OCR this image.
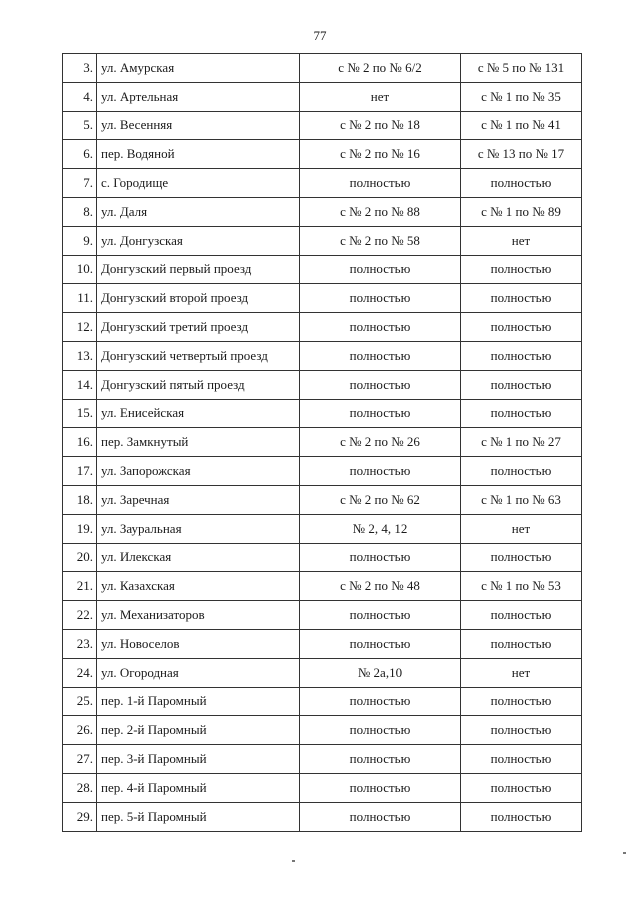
77
3.	ул. Амурская	с № 2 по № 6/2	с № 5 по № 131
4.	ул. Артельная	нет	с № 1 по № 35
5.	ул. Весенняя	с № 2 по № 18	с № 1 по № 41
6.	пер. Водяной	с № 2 по № 16	с № 13 по № 17
7.	с. Городище	полностью	полностью
8.	ул. Даля	с № 2 по № 88	с № 1 по № 89
9.	ул. Донгузская	с № 2 по № 58	нет
10.	Донгузский первый проезд	полностью	полностью
11.	Донгузский второй проезд	полностью	полностью
12.	Донгузский третий проезд	полностью	полностью
13.	Донгузский четвертый проезд	полностью	полностью
14.	Донгузский пятый проезд	полностью	полностью
15.	ул. Енисейская	полностью	полностью
16.	пер. Замкнутый	с № 2 по № 26	с № 1 по № 27
17.	ул. Запорожская	полностью	полностью
18.	ул. Заречная	с № 2 по № 62	с № 1 по № 63
19.	ул. Зауральная	№ 2, 4, 12	нет
20.	ул. Илекская	полностью	полностью
21.	ул. Казахская	с № 2 по № 48	с № 1 по № 53
22.	ул. Механизаторов	полностью	полностью
23.	ул. Новоселов	полностью	полностью
24.	ул. Огородная	№ 2а,10	нет
25.	пер. 1-й Паромный	полностью	полностью
26.	пер. 2-й Паромный	полностью	полностью
27.	пер. 3-й Паромный	полностью	полностью
28.	пер. 4-й Паромный	полностью	полностью
29.	пер. 5-й Паромный	полностью	полностью
